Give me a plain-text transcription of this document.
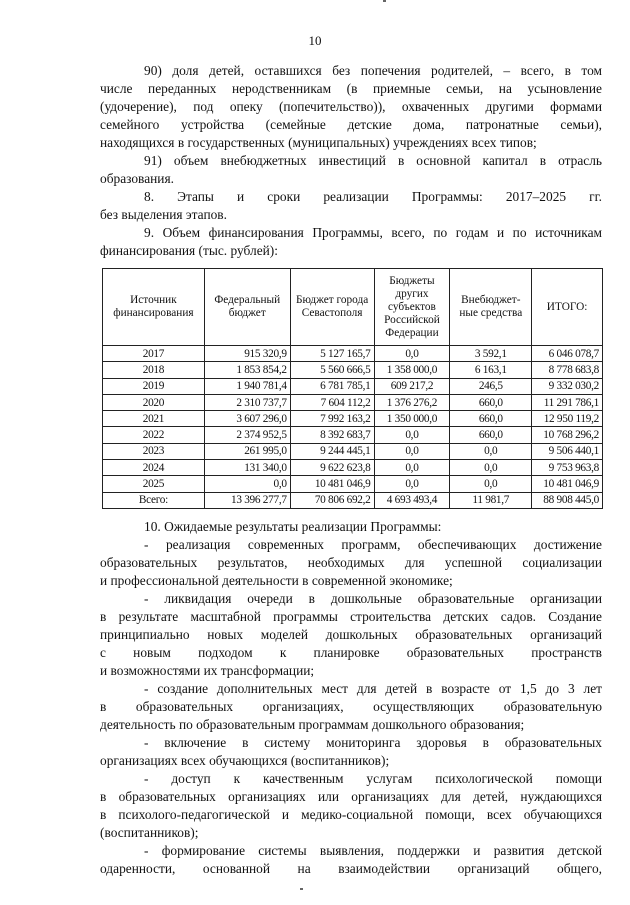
10
90) доля детей, оставшихся без попечения родителей, – всего, в том
числе переданных неродственникам (в приемные семьи, на усыновление
(удочерение), под опеку (попечительство)), охваченных другими формами
семейного устройства (семейные детские дома, патронатные семьи),
находящихся в государственных (муниципальных) учреждениях всех типов;
91) объем внебюджетных инвестиций в основной капитал в отрасль
образования.
8. Этапы и сроки реализации Программы: 2017–2025 гг.
без выделения этапов.
9. Объем финансирования Программы, всего, по годам и по источникам
финансирования (тыс. рублей):
Источник финансирования	Федеральный бюджет	Бюджет города Севастополя	Бюджеты других субъектов Российской Федерации	Внебюджет-ные средства	ИТОГО:
2017	915 320,9	5 127 165,7	0,0	3 592,1	6 046 078,7
2018	1 853 854,2	5 560 666,5	1 358 000,0	6 163,1	8 778 683,8
2019	1 940 781,4	6 781 785,1	609 217,2	246,5	9 332 030,2
2020	2 310 737,7	7 604 112,2	1 376 276,2	660,0	11 291 786,1
2021	3 607 296,0	7 992 163,2	1 350 000,0	660,0	12 950 119,2
2022	2 374 952,5	8 392 683,7	0,0	660,0	10 768 296,2
2023	261 995,0	9 244 445,1	0,0	0,0	9 506 440,1
2024	131 340,0	9 622 623,8	0,0	0,0	9 753 963,8
2025	0,0	10 481 046,9	0,0	0,0	10 481 046,9
Всего:	13 396 277,7	70 806 692,2	4 693 493,4	11 981,7	88 908 445,0
10. Ожидаемые результаты реализации Программы:
- реализация современных программ, обеспечивающих достижение
образовательных результатов, необходимых для успешной социализации
и профессиональной деятельности в современной экономике;
- ликвидация очереди в дошкольные образовательные организации
в результате масштабной программы строительства детских садов. Создание
принципиально новых моделей дошкольных образовательных организаций
с новым подходом к планировке образовательных пространств
и возможностями их трансформации;
- создание дополнительных мест для детей в возрасте от 1,5 до 3 лет
в образовательных организациях, осуществляющих образовательную
деятельность по образовательным программам дошкольного образования;
- включение в систему мониторинга здоровья в образовательных
организациях всех обучающихся (воспитанников);
- доступ к качественным услугам психологической помощи
в образовательных организациях или организациях для детей, нуждающихся
в психолого-педагогической и медико-социальной помощи, всех обучающихся
(воспитанников);
- формирование системы выявления, поддержки и развития детской
одаренности, основанной на взаимодействии организаций общего,
